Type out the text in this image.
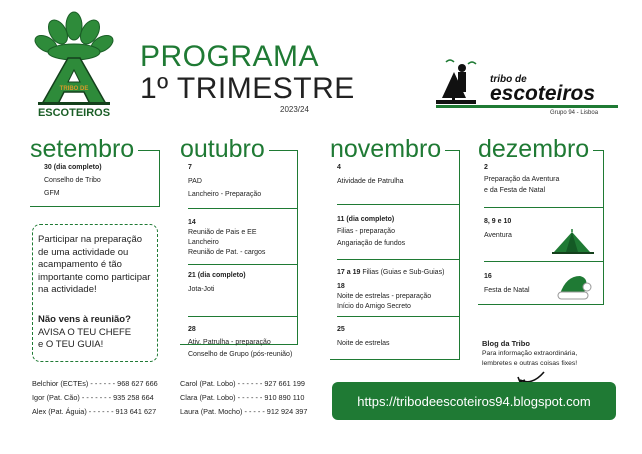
TRIBO DE
ESCOTEIROS
PROGRAMA
1º TRIMESTRE
2023/24
tribo de
escoteiros
Grupo 94 - Lisboa
setembro
30 (dia completo)
Conselho de Tribo
GFM
Participar na preparação de uma actividade ou acampamento é tão importante como participar na actividade!
Não vens à reunião?
AVISA O TEU CHEFE
e O TEU GUIA!
outubro
7
PAD
Lancheiro - Preparação
14
Reunião de Pais e EE
Lancheiro
Reunião de Pat. - cargos
21 (dia completo)
Jota-Joti
28
Ativ. Patrulha - preparação
Conselho de Grupo (pós-reunião)
novembro
4
Atividade de Patrulha
11 (dia completo)
Filias - preparação
Angariação de fundos
17 a 19 Filias (Guias e Sub-Guias)
18
Noite de estrelas - preparação
Início do Amigo Secreto
25
Noite de estrelas
dezembro
2
Preparação da Aventura
e da Festa de Natal
8, 9 e 10
Aventura
16
Festa de Natal
Belchior (ECTEs) - - - - - - 968 627 666
Igor (Pat. Cão) - - - - - - - 935 258 664
Alex (Pat. Águia) - - - - - - 913 641 627
Carol (Pat. Lobo) - - - - - - 927 661 199
Clara (Pat. Lobo) - - - - - - 910 890 110
Laura (Pat. Mocho) - - - - - 912 924 397
Blog da Tribo
Para informação extraordinária,
lembretes e outras coisas fixes!
https://tribodeescoteiros94.blogspot.com
